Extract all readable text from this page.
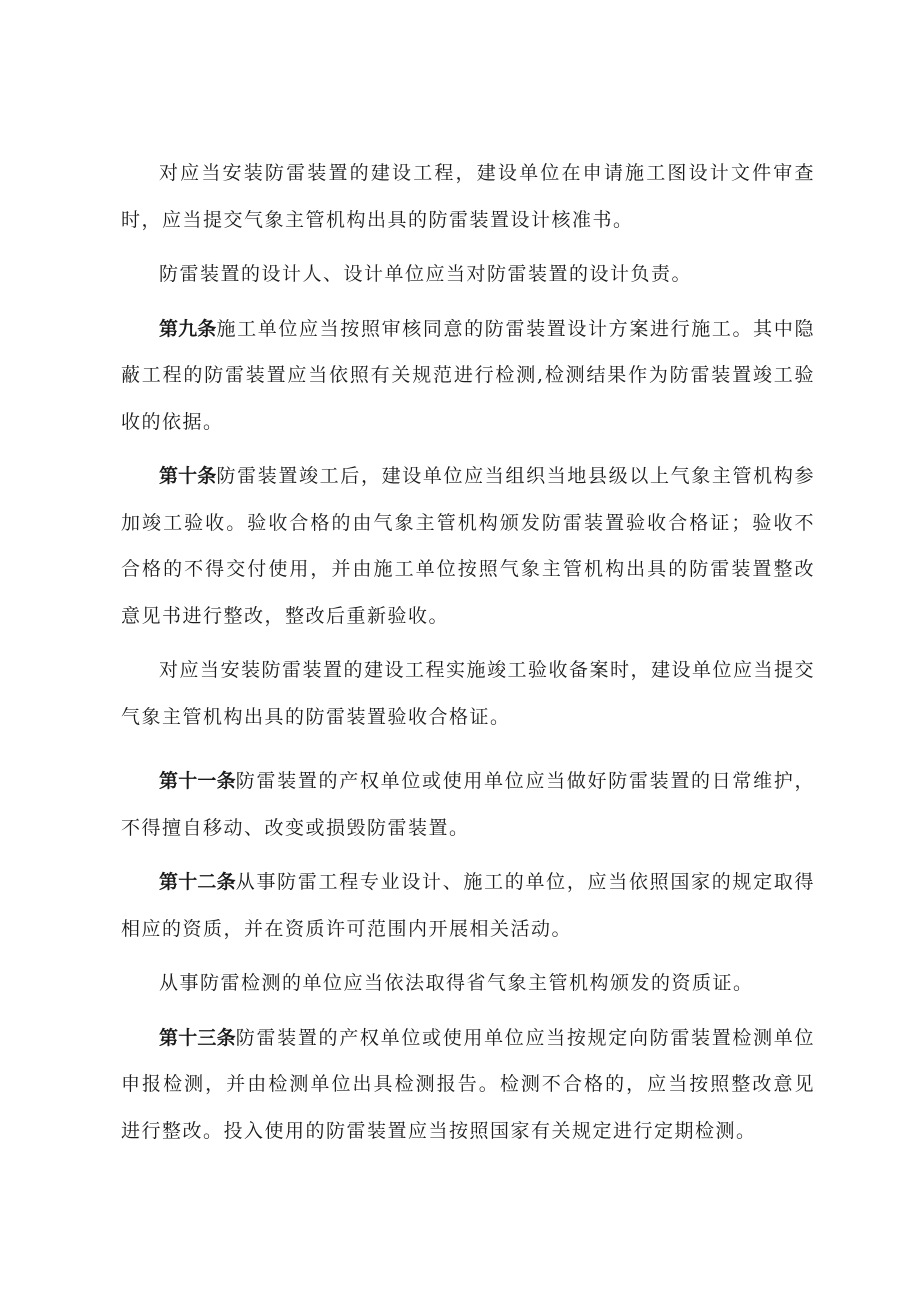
对应当安装防雷装置的建设工程，建设单位在申请施工图设计文件审查时，应当提交气象主管机构出具的防雷装置设计核准书。

防雷装置的设计人、设计单位应当对防雷装置的设计负责。

第九条施工单位应当按照审核同意的防雷装置设计方案进行施工。其中隐蔽工程的防雷装置应当依照有关规范进行检测,检测结果作为防雷装置竣工验收的依据。

第十条防雷装置竣工后，建设单位应当组织当地县级以上气象主管机构参加竣工验收。验收合格的由气象主管机构颁发防雷装置验收合格证；验收不合格的不得交付使用，并由施工单位按照气象主管机构出具的防雷装置整改意见书进行整改，整改后重新验收。

对应当安装防雷装置的建设工程实施竣工验收备案时，建设单位应当提交气象主管机构出具的防雷装置验收合格证。

第十一条防雷装置的产权单位或使用单位应当做好防雷装置的日常维护，不得擅自移动、改变或损毁防雷装置。

第十二条从事防雷工程专业设计、施工的单位，应当依照国家的规定取得相应的资质，并在资质许可范围内开展相关活动。

从事防雷检测的单位应当依法取得省气象主管机构颁发的资质证。

第十三条防雷装置的产权单位或使用单位应当按规定向防雷装置检测单位申报检测，并由检测单位出具检测报告。检测不合格的，应当按照整改意见进行整改。投入使用的防雷装置应当按照国家有关规定进行定期检测。
